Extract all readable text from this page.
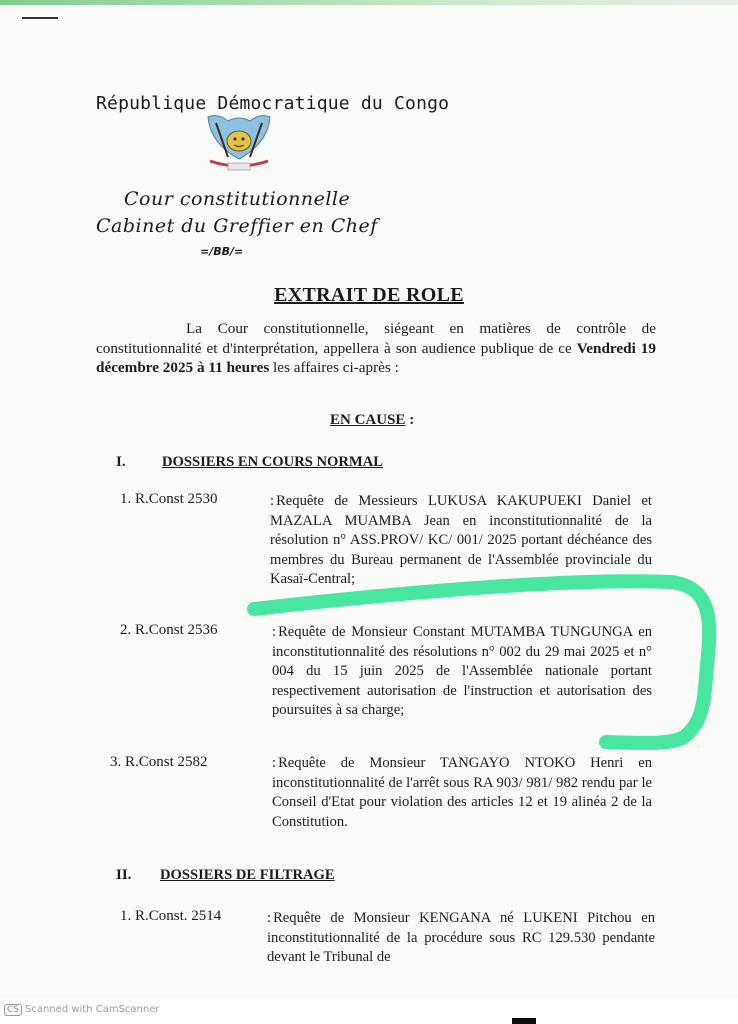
République Démocratique du Congo
Cour constitutionnelle
Cabinet du Greffier en Chef
=/BB/=
EXTRAIT DE ROLE
La Cour constitutionnelle, siégeant en matières de contrôle de constitutionnalité et d'interprétation, appellera à son audience publique de ce Vendredi 19 décembre 2025 à 11 heures les affaires ci-après :
EN CAUSE :
I. DOSSIERS EN COURS NORMAL
1. R.Const 2530	: Requête de Messieurs LUKUSA KAKUPUEKI Daniel et MAZALA MUAMBA Jean en inconstitutionnalité de la résolution n° ASS.PROV/ KC/ 001/ 2025 portant déchéance des membres du Bureau permanent de l'Assemblée provinciale du Kasaï-Central;
2. R.Const 2536	: Requête de Monsieur Constant MUTAMBA TUNGUNGA en inconstitutionnalité des résolutions n° 002 du 29 mai 2025 et n° 004 du 15 juin 2025 de l'Assemblée nationale portant respectivement autorisation de l'instruction et autorisation des poursuites à sa charge;
3. R.Const 2582	: Requête de Monsieur TANGAYO NTOKO Henri en inconstitutionnalité de l'arrêt sous RA 903/ 981/ 982 rendu par le Conseil d'Etat pour violation des articles 12 et 19 alinéa 2 de la Constitution.
II. DOSSIERS DE FILTRAGE
1. R.Const. 2514	: Requête de Monsieur KENGANA né LUKENI Pitchou en inconstitutionnalité de la procédure sous RC 129.530 pendante devant le Tribunal de
CS Scanned with CamScanner
